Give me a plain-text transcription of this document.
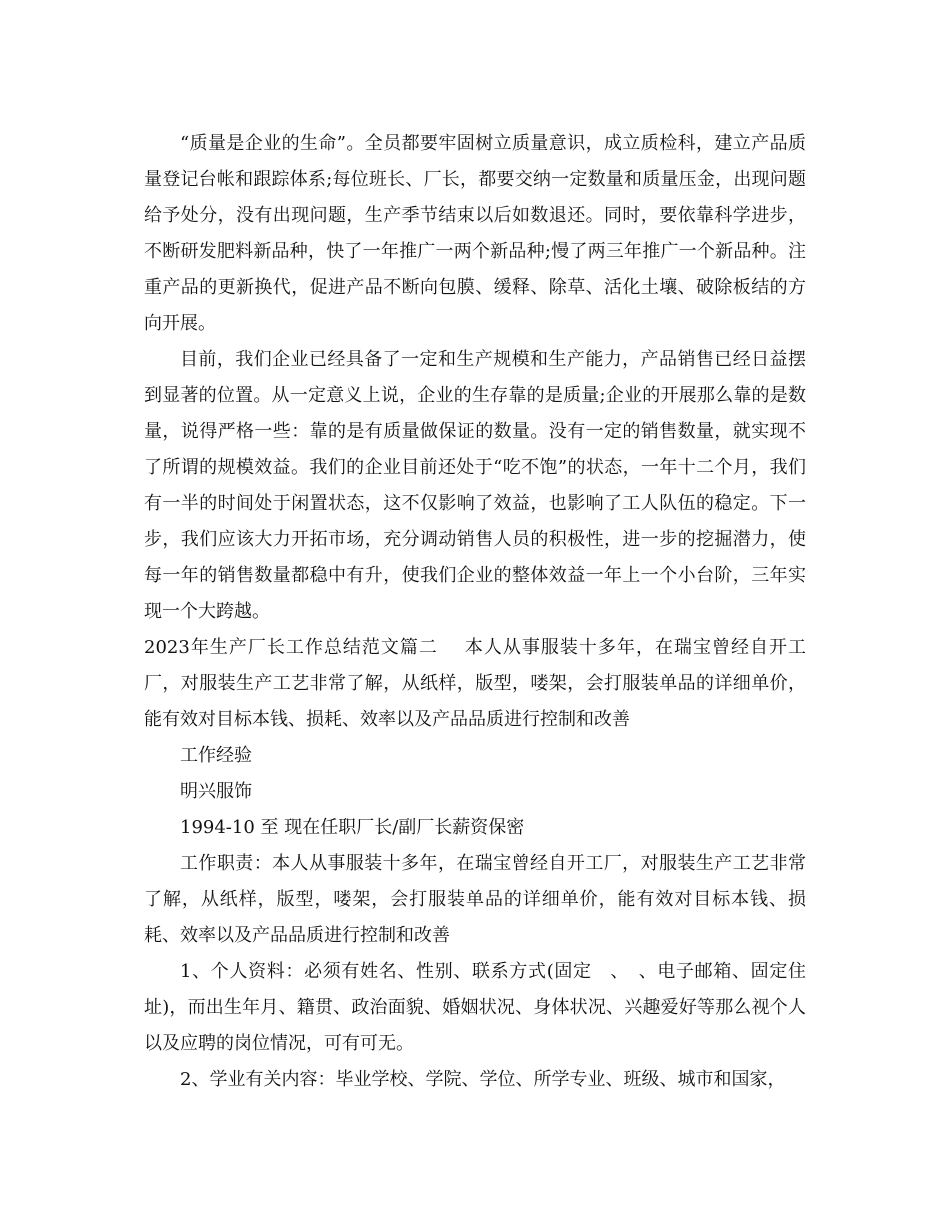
“质量是企业的生命”。全员都要牢固树立质量意识，成立质检科，建立产品质量登记台帐和跟踪体系;每位班长、厂长，都要交纳一定数量和质量压金，出现问题给予处分，没有出现问题，生产季节结束以后如数退还。同时，要依靠科学进步，不断研发肥料新品种，快了一年推广一两个新品种;慢了两三年推广一个新品种。注重产品的更新换代，促进产品不断向包膜、缓释、除草、活化土壤、破除板结的方向开展。

目前，我们企业已经具备了一定和生产规模和生产能力，产品销售已经日益摆到显著的位置。从一定意义上说，企业的生存靠的是质量;企业的开展那么靠的是数量，说得严格一些：靠的是有质量做保证的数量。没有一定的销售数量，就实现不了所谓的规模效益。我们的企业目前还处于“吃不饱”的状态，一年十二个月，我们有一半的时间处于闲置状态，这不仅影响了效益，也影响了工人队伍的稳定。下一步，我们应该大力开拓市场，充分调动销售人员的积极性，进一步的挖掘潜力，使每一年的销售数量都稳中有升，使我们企业的整体效益一年上一个小台阶，三年实现一个大跨越。

2023年生产厂长工作总结范文篇二 本人从事服装十多年，在瑞宝曾经自开工厂，对服装生产工艺非常了解，从纸样，版型，喽架，会打服装单品的详细单价，能有效对目标本钱、损耗、效率以及产品品质进行控制和改善

工作经验

明兴服饰

1994-10 至 现在任职厂长/副厂长薪资保密

工作职责：本人从事服装十多年，在瑞宝曾经自开工厂，对服装生产工艺非常了解，从纸样，版型，喽架，会打服装单品的详细单价，能有效对目标本钱、损耗、效率以及产品品质进行控制和改善

1、个人资料：必须有姓名、性别、联系方式(固定　、　、电子邮箱、固定住址)，而出生年月、籍贯、政治面貌、婚姻状况、身体状况、兴趣爱好等那么视个人以及应聘的岗位情况，可有可无。

2、学业有关内容：毕业学校、学院、学位、所学专业、班级、城市和国家，
